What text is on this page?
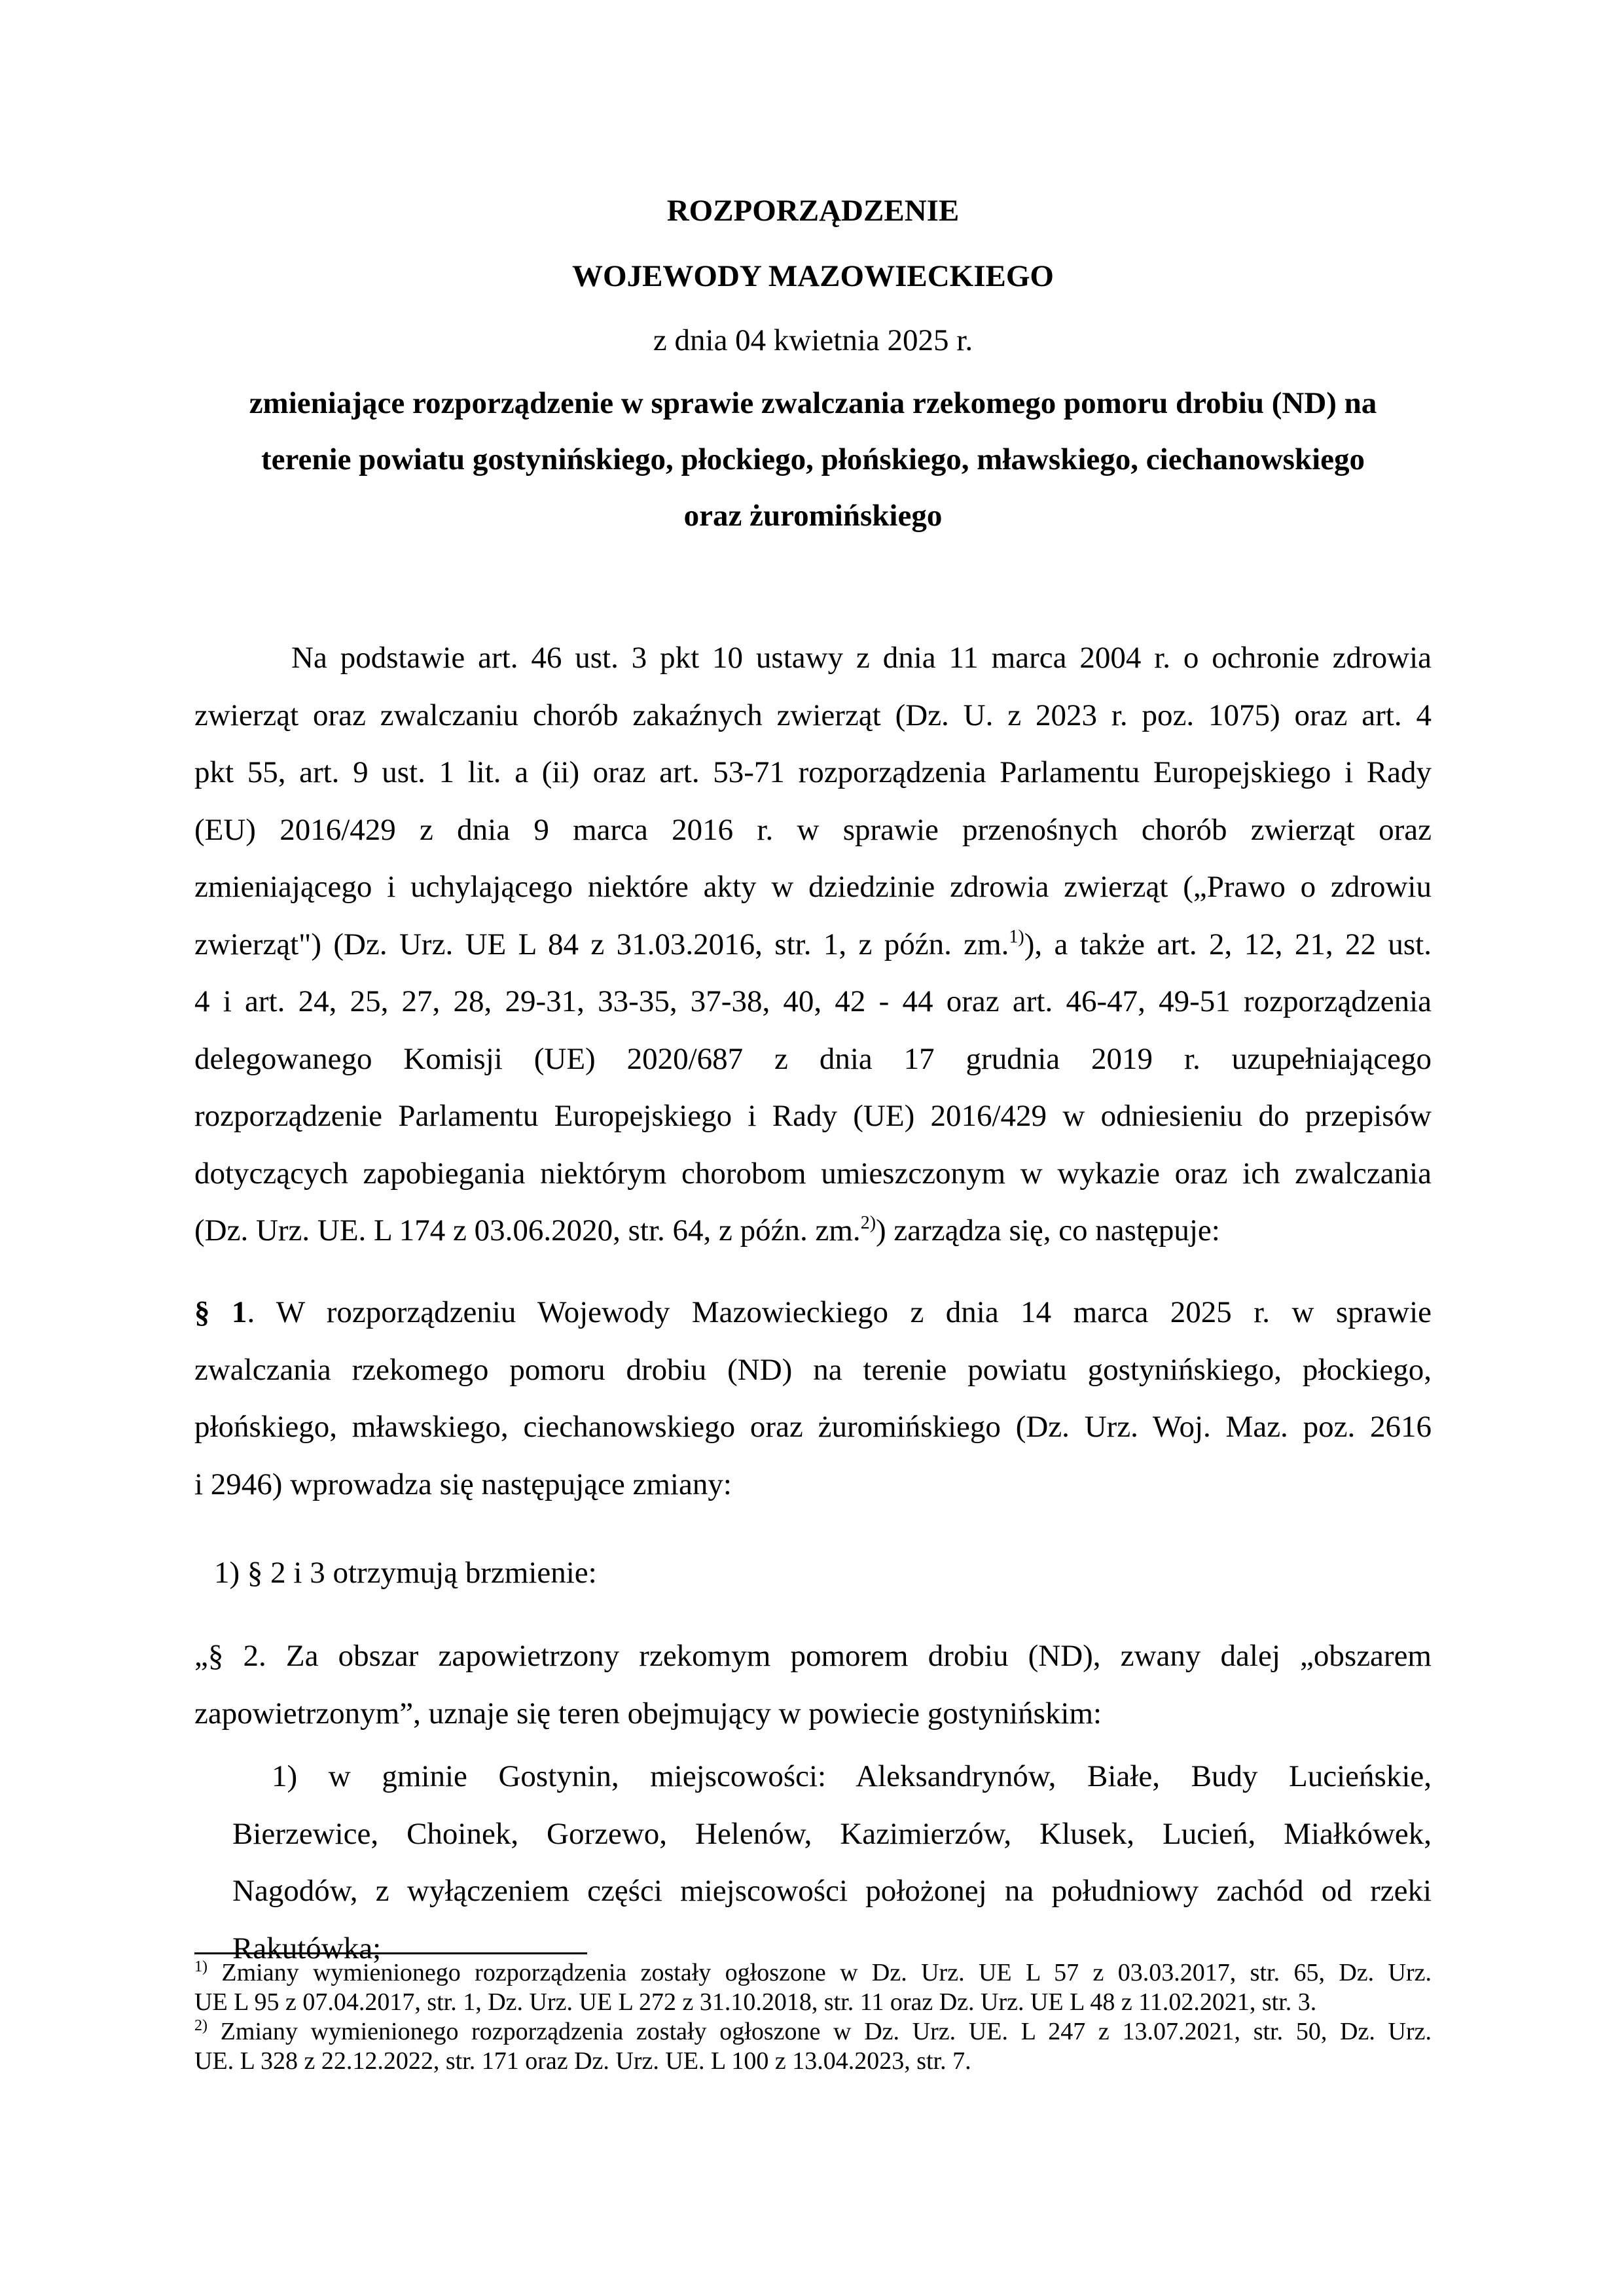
ROZPORZĄDZENIE
WOJEWODY MAZOWIECKIEGO
z dnia 04 kwietnia 2025 r.
zmieniające rozporządzenie w sprawie zwalczania rzekomego pomoru drobiu (ND) na
terenie powiatu gostynińskiego, płockiego, płońskiego, mławskiego, ciechanowskiego
oraz żuromińskiego
Na podstawie art. 46 ust. 3 pkt 10 ustawy z dnia 11 marca 2004 r. o ochronie zdrowia
zwierząt oraz zwalczaniu chorób zakaźnych zwierząt (Dz. U. z 2023 r. poz. 1075) oraz art. 4
pkt 55, art. 9 ust. 1 lit. a (ii) oraz art. 53-71 rozporządzenia Parlamentu Europejskiego i Rady
(EU) 2016/429 z dnia 9 marca 2016 r. w sprawie przenośnych chorób zwierząt oraz
zmieniającego i uchylającego niektóre akty w dziedzinie zdrowia zwierząt („Prawo o zdrowiu
zwierząt") (Dz. Urz. UE L 84 z 31.03.2016, str. 1, z późn. zm.$^{1)}$), a także art. 2, 12, 21, 22 ust.
4 i art. 24, 25, 27, 28, 29-31, 33-35, 37-38, 40, 42 - 44 oraz art. 46-47, 49-51 rozporządzenia
delegowanego Komisji (UE) 2020/687 z dnia 17 grudnia 2019 r. uzupełniającego
rozporządzenie Parlamentu Europejskiego i Rady (UE) 2016/429 w odniesieniu do przepisów
dotyczących zapobiegania niektórym chorobom umieszczonym w wykazie oraz ich zwalczania
(Dz. Urz. UE. L 174 z 03.06.2020, str. 64, z późn. zm.$^{2)}$) zarządza się, co następuje:
§ 1. W rozporządzeniu Wojewody Mazowieckiego z dnia 14 marca 2025 r. w sprawie
zwalczania rzekomego pomoru drobiu (ND) na terenie powiatu gostynińskiego, płockiego,
płońskiego, mławskiego, ciechanowskiego oraz żuromińskiego (Dz. Urz. Woj. Maz. poz. 2616
i 2946) wprowadza się następujące zmiany:
1) § 2 i 3 otrzymują brzmienie:
„§ 2. Za obszar zapowietrzony rzekomym pomorem drobiu (ND), zwany dalej „obszarem
zapowietrzonym”, uznaje się teren obejmujący w powiecie gostynińskim:
1) w gminie Gostynin, miejscowości: Aleksandrynów, Białe, Budy Lucieńskie,
Bierzewice, Choinek, Gorzewo, Helenów, Kazimierzów, Klusek, Lucień, Miałkówek,
Nagodów, z wyłączeniem części miejscowości położonej na południowy zachód od rzeki
Rakutówka;
$^{1)}$ Zmiany wymienionego rozporządzenia zostały ogłoszone w Dz. Urz. UE L 57 z 03.03.2017, str. 65, Dz. Urz.
UE L 95 z 07.04.2017, str. 1, Dz. Urz. UE L 272 z 31.10.2018, str. 11 oraz Dz. Urz. UE L 48 z 11.02.2021, str. 3.
$^{2)}$ Zmiany wymienionego rozporządzenia zostały ogłoszone w Dz. Urz. UE. L 247 z 13.07.2021, str. 50, Dz. Urz.
UE. L 328 z 22.12.2022, str. 171 oraz Dz. Urz. UE. L 100 z 13.04.2023, str. 7.
